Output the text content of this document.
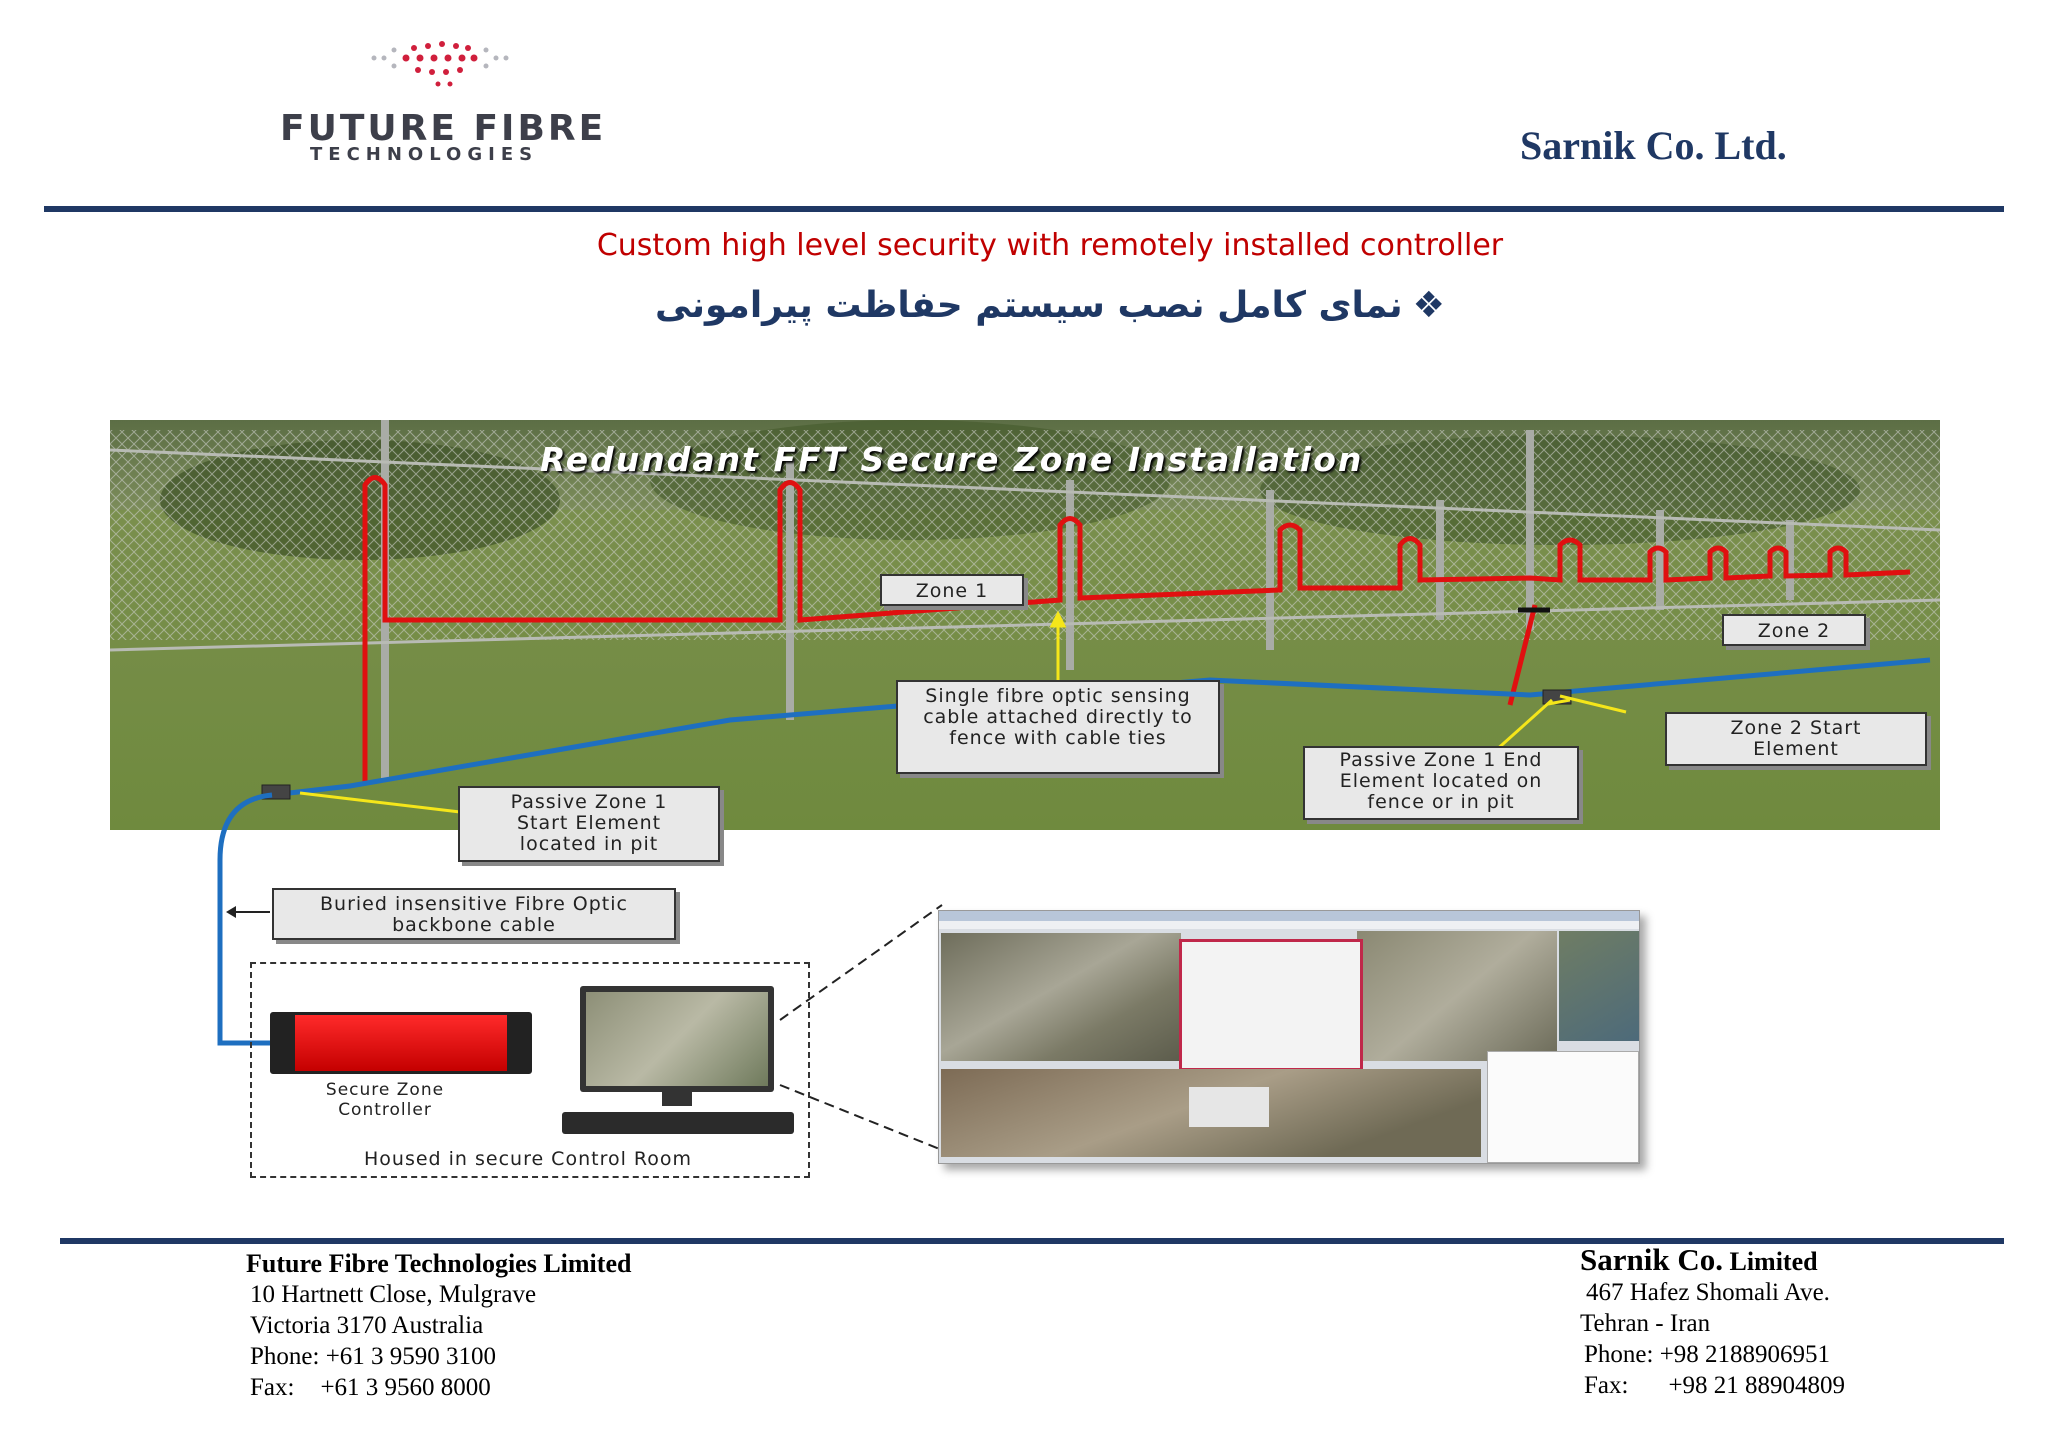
FUTURE FIBRE
TECHNOLOGIES	Sarnik Co. Ltd.
Custom high level security with remotely installed controller
❖نمای کامل نصب سیستم حفاظت پیرامونی
Redundant FFT Secure Zone Installation
Zone 1
Zone 2
Single fibre optic sensing cable attached directly to fence with cable ties
Passive Zone 1 End Element located on fence or in pit
Zone 2 Start Element
Passive Zone 1 Start Element located in pit
Buried insensitive Fibre Optic backbone cable
Secure Zone Controller
Housed in secure Control Room
Future Fibre Technologies Limited
10 Hartnett Close, Mulgrave
Victoria 3170 Australia
Phone: +61 3 9590 3100
Fax: +61 3 9560 8000
Sarnik Co. Limited
467 Hafez Shomali Ave.
Tehran - Iran
Phone: +98 2188906951
Fax: +98 21 88904809
